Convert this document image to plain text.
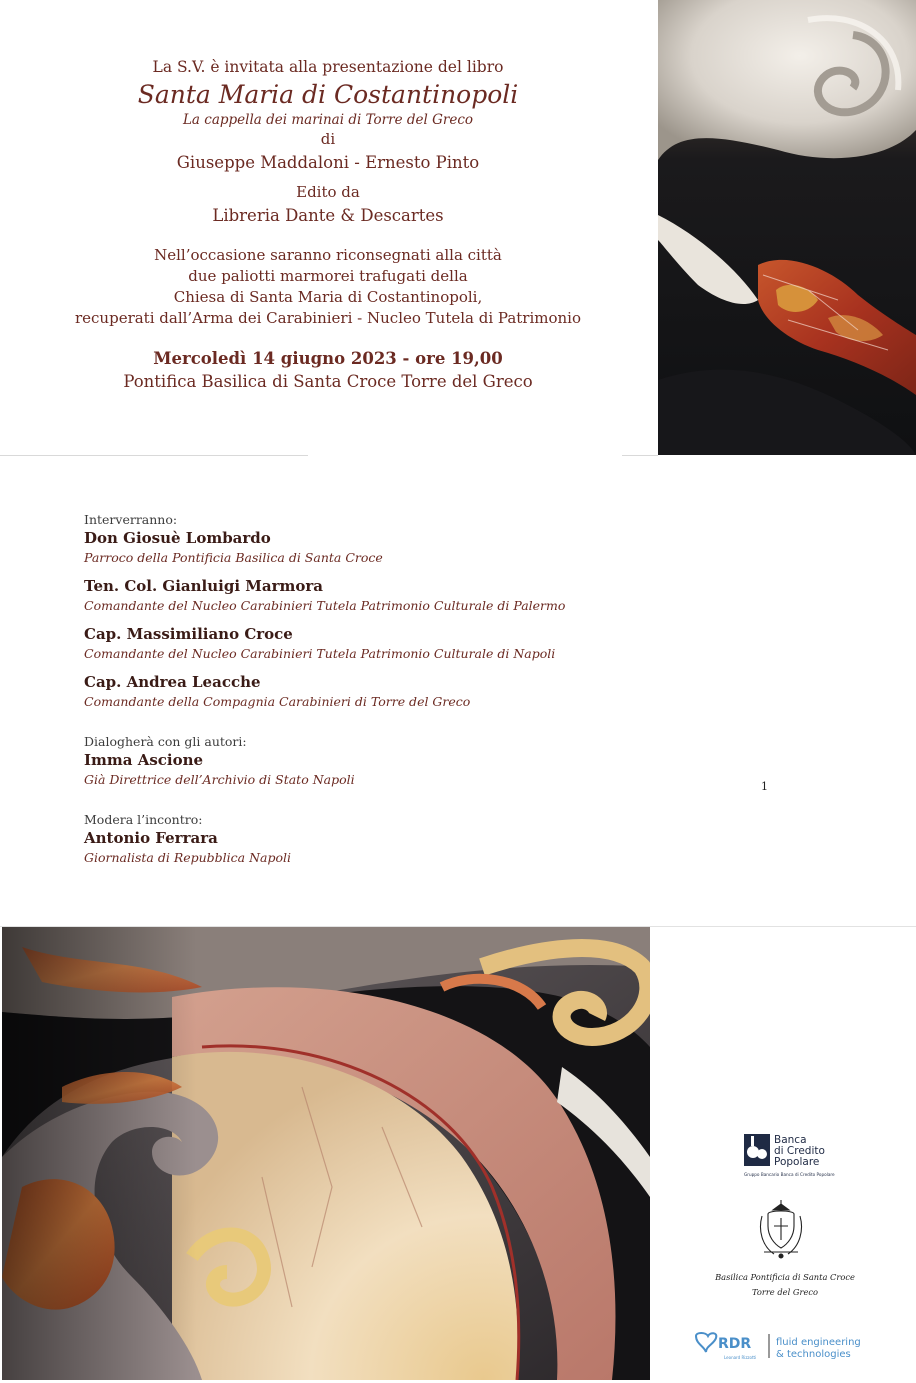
La S.V. è invitata alla presentazione del libro
Santa Maria di Costantinopoli
La cappella dei marinai di Torre del Greco
di
Giuseppe Maddaloni - Ernesto Pinto
Edito da
Libreria Dante & Descartes
Nell’occasione saranno riconsegnati alla città
due paliotti marmorei trafugati della
Chiesa di Santa Maria di Costantinopoli,
recuperati dall’Arma dei Carabinieri - Nucleo Tutela di Patrimonio
Mercoledì 14 giugno 2023 - ore 19,00
Pontifica Basilica di Santa Croce Torre del Greco
Interverranno:
Don Giosuè Lombardo
Parroco della Pontificia Basilica di Santa Croce
Ten. Col. Gianluigi Marmora
Comandante del Nucleo Carabinieri Tutela Patrimonio Culturale di Palermo
Cap. Massimiliano Croce
Comandante del Nucleo Carabinieri Tutela Patrimonio Culturale di Napoli
Cap. Andrea Leacche
Comandante della Compagnia Carabinieri di Torre del Greco
Dialogherà con gli autori:
Imma Ascione
Già Direttrice dell’Archivio di Stato Napoli
Modera l’incontro:
Antonio Ferrara
Giornalista di Repubblica Napoli
1
Banca
di Credito
Popolare
Gruppo Bancario Banca di Credito Popolare
Basilica Pontificia di Santa Croce
Torre del Greco
RDR
Leonard Rizzotti
fluid engineering
& technologies
